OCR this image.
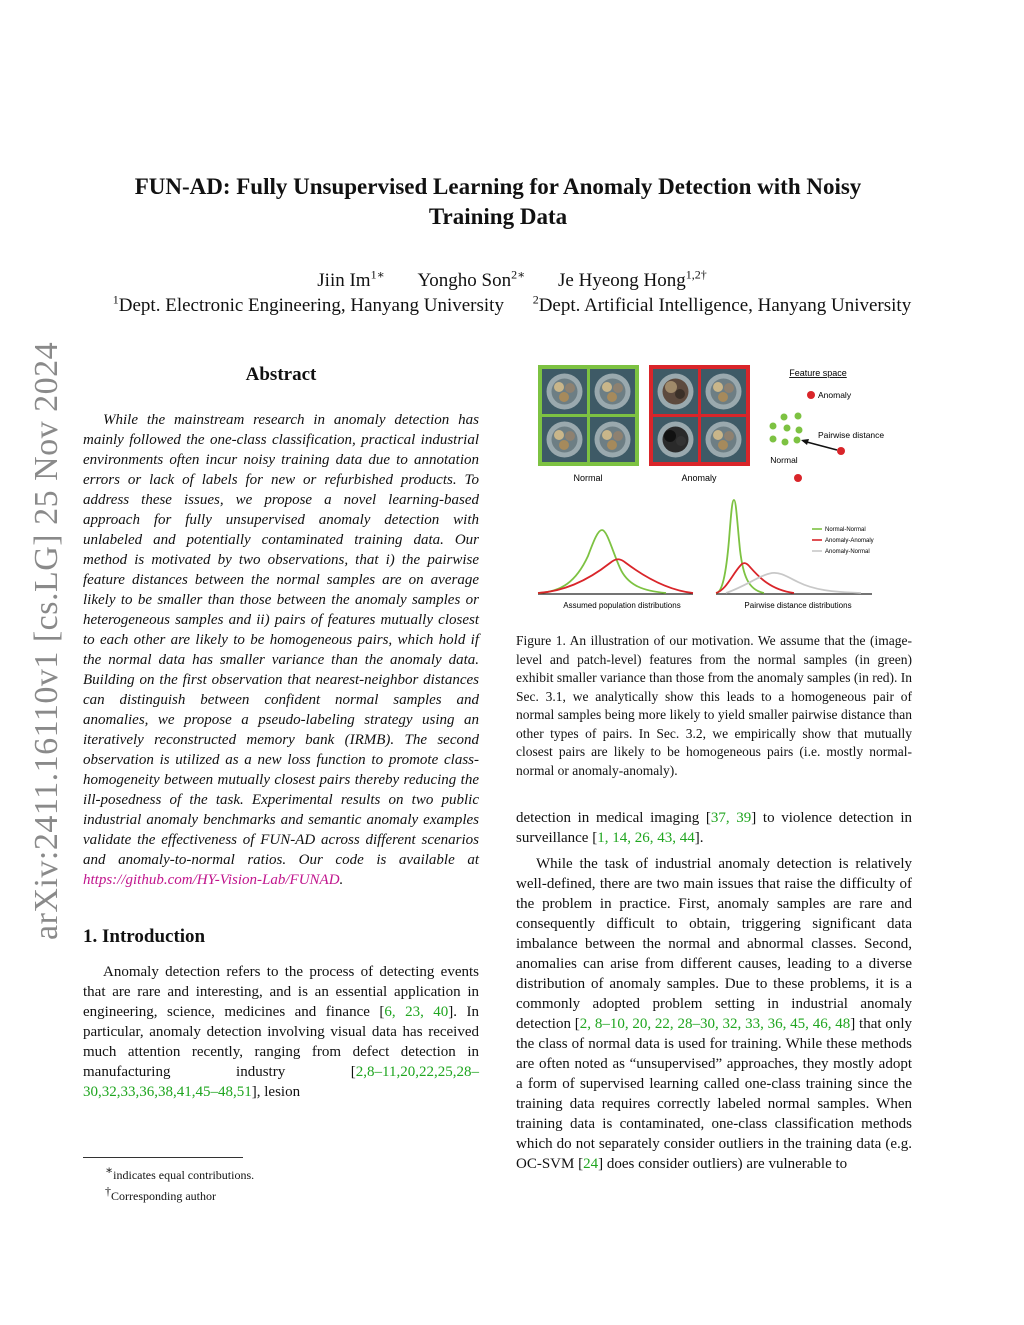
arXiv:2411.16110v1 [cs.LG] 25 Nov 2024
FUN-AD: Fully Unsupervised Learning for Anomaly Detection with Noisy Training Data
Jiin $Im^{1∗}$ Yongho Son$^{2∗}$ Je Hyeong Hong$^{1,2\dagger}$
$^1$Dept. Electronic Engineering, Hanyang University $^2$Dept. Artificial Intelligence, Hanyang University
Abstract
While the mainstream research in anomaly detection has mainly followed the one-class classification, practical industrial environments often incur noisy training data due to annotation errors or lack of labels for new or refurbished products. To address these issues, we propose a novel learning-based approach for fully unsupervised anomaly detection with unlabeled and potentially contaminated training data. Our method is motivated by two observations, that i) the pairwise feature distances between the normal samples are on average likely to be smaller than those between the anomaly samples or heterogeneous samples and ii) pairs of features mutually closest to each other are likely to be homogeneous pairs, which hold if the normal data has smaller variance than the anomaly data. Building on the first observation that nearest-neighbor distances can distinguish between confident normal samples and anomalies, we propose a pseudo-labeling strategy using an iteratively reconstructed memory bank (IRMB). The second observation is utilized as a new loss function to promote class-homogeneity between mutually closest pairs thereby reducing the ill-posedness of the task. Experimental results on two public industrial anomaly benchmarks and semantic anomaly examples validate the effectiveness of FUN-AD across different scenarios and anomaly-to-normal ratios. Our code is available at https://github.com/HY-Vision-Lab/FUNAD.
1. Introduction
Anomaly detection refers to the process of detecting events that are rare and interesting, and is an essential application in engineering, science, medicines and finance [6, 23, 40]. In particular, anomaly detection involving visual data has received much attention recently, ranging from defect detection in manufacturing industry [2,8–11,20,22,25,28–30,32,33,36,38,41,45–48,51], lesion
∗indicates equal contributions.
†Corresponding author
Normal	Anomaly
Feature space
Anomaly
Normal
Pairwise distance
Assumed population distributions	Pairwise distance distributions
Normal-Normal
Anomaly-Anomaly
Anomaly-Normal
Figure 1. An illustration of our motivation. We assume that the (image-level and patch-level) features from the normal samples (in green) exhibit smaller variance than those from the anomaly samples (in red). In Sec. 3.1, we analytically show this leads to a homogeneous pair of normal samples being more likely to yield smaller pairwise distance than other types of pairs. In Sec. 3.2, we empirically show that mutually closest pairs are likely to be homogeneous pairs (i.e. mostly normal-normal or anomaly-anomaly).
detection in medical imaging [37, 39] to violence detection in surveillance [1, 14, 26, 43, 44].
While the task of industrial anomaly detection is relatively well-defined, there are two main issues that raise the difficulty of the problem in practice. First, anomaly samples are rare and consequently difficult to obtain, triggering significant data imbalance between the normal and abnormal classes. Second, anomalies can arise from different causes, leading to a diverse distribution of anomaly samples. Due to these problems, it is a commonly adopted problem setting in industrial anomaly detection [2, 8–10, 20, 22, 28–30, 32, 33, 36, 45, 46, 48] that only the class of normal data is used for training. While these methods are often noted as “unsupervised” approaches, they mostly adopt a form of supervised learning called one-class training since the training data requires correctly labeled normal samples. When training data is contaminated, one-class classification methods which do not separately consider outliers in the training data (e.g. OC-SVM [24] does consider outliers) are vulnerable to
